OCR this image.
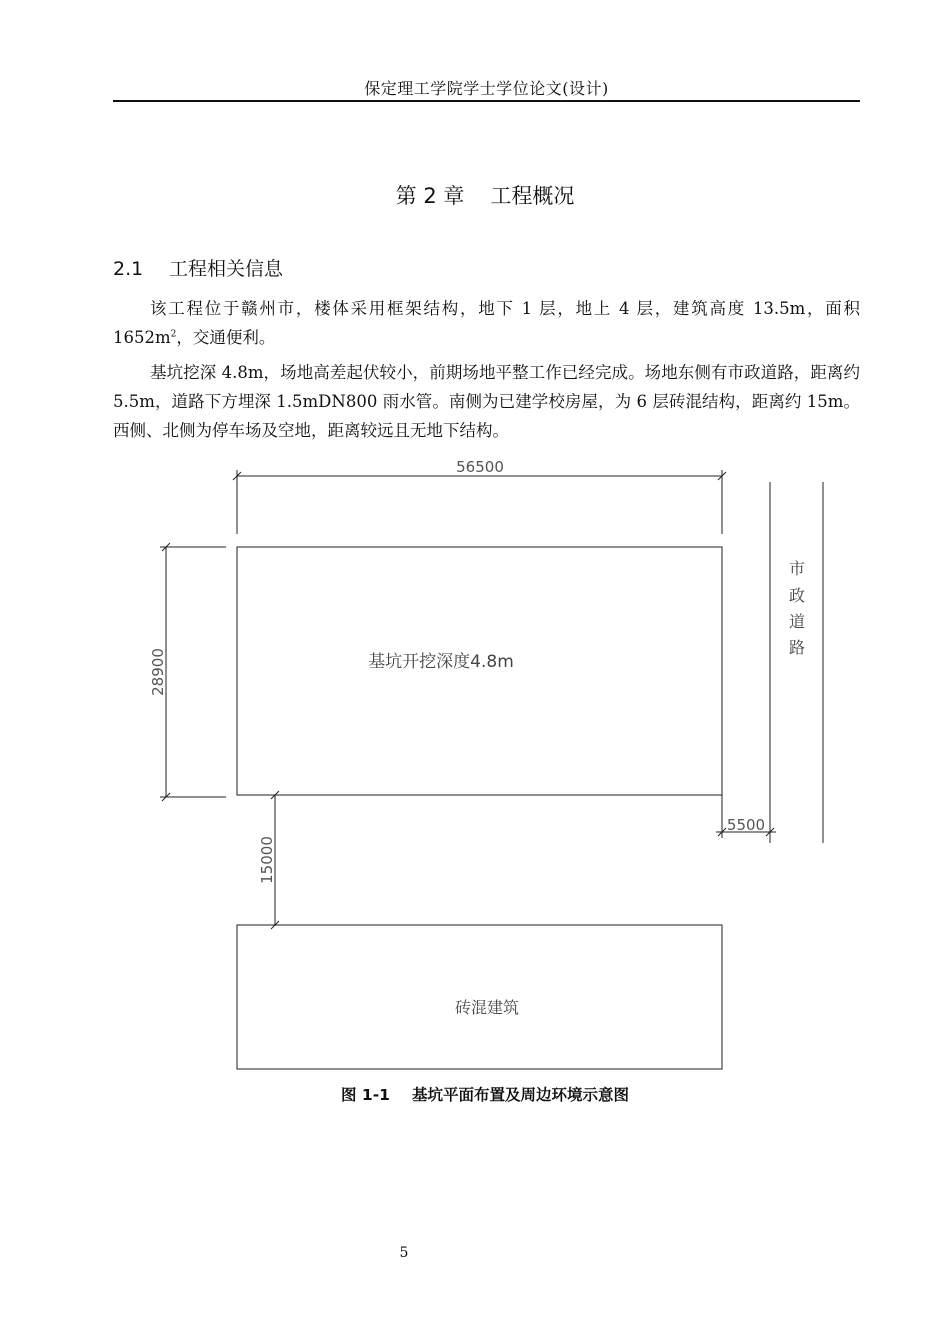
保定理工学院学士学位论文(设计)
第 2 章 工程概况
2.1 工程相关信息

该工程位于赣州市，楼体采用框架结构，地下 1 层，地上 4 层，建筑高度 13.5m，面积 $1652m^2$，交通便利。

基坑挖深 4.8m，场地高差起伏较小，前期场地平整工作已经完成。场地东侧有市政道路，距离约 5.5m，道路下方埋深 1.5mDN800 雨水管。南侧为已建学校房屋，为 6 层砖混结构，距离约 15m。西侧、北侧为停车场及空地，距离较远且无地下结构。

56500
28900
15000
5500
基坑开挖深度4.8m
砖混建筑
市
政
道
路
图 1-1 基坑平面布置及周边环境示意图
5
